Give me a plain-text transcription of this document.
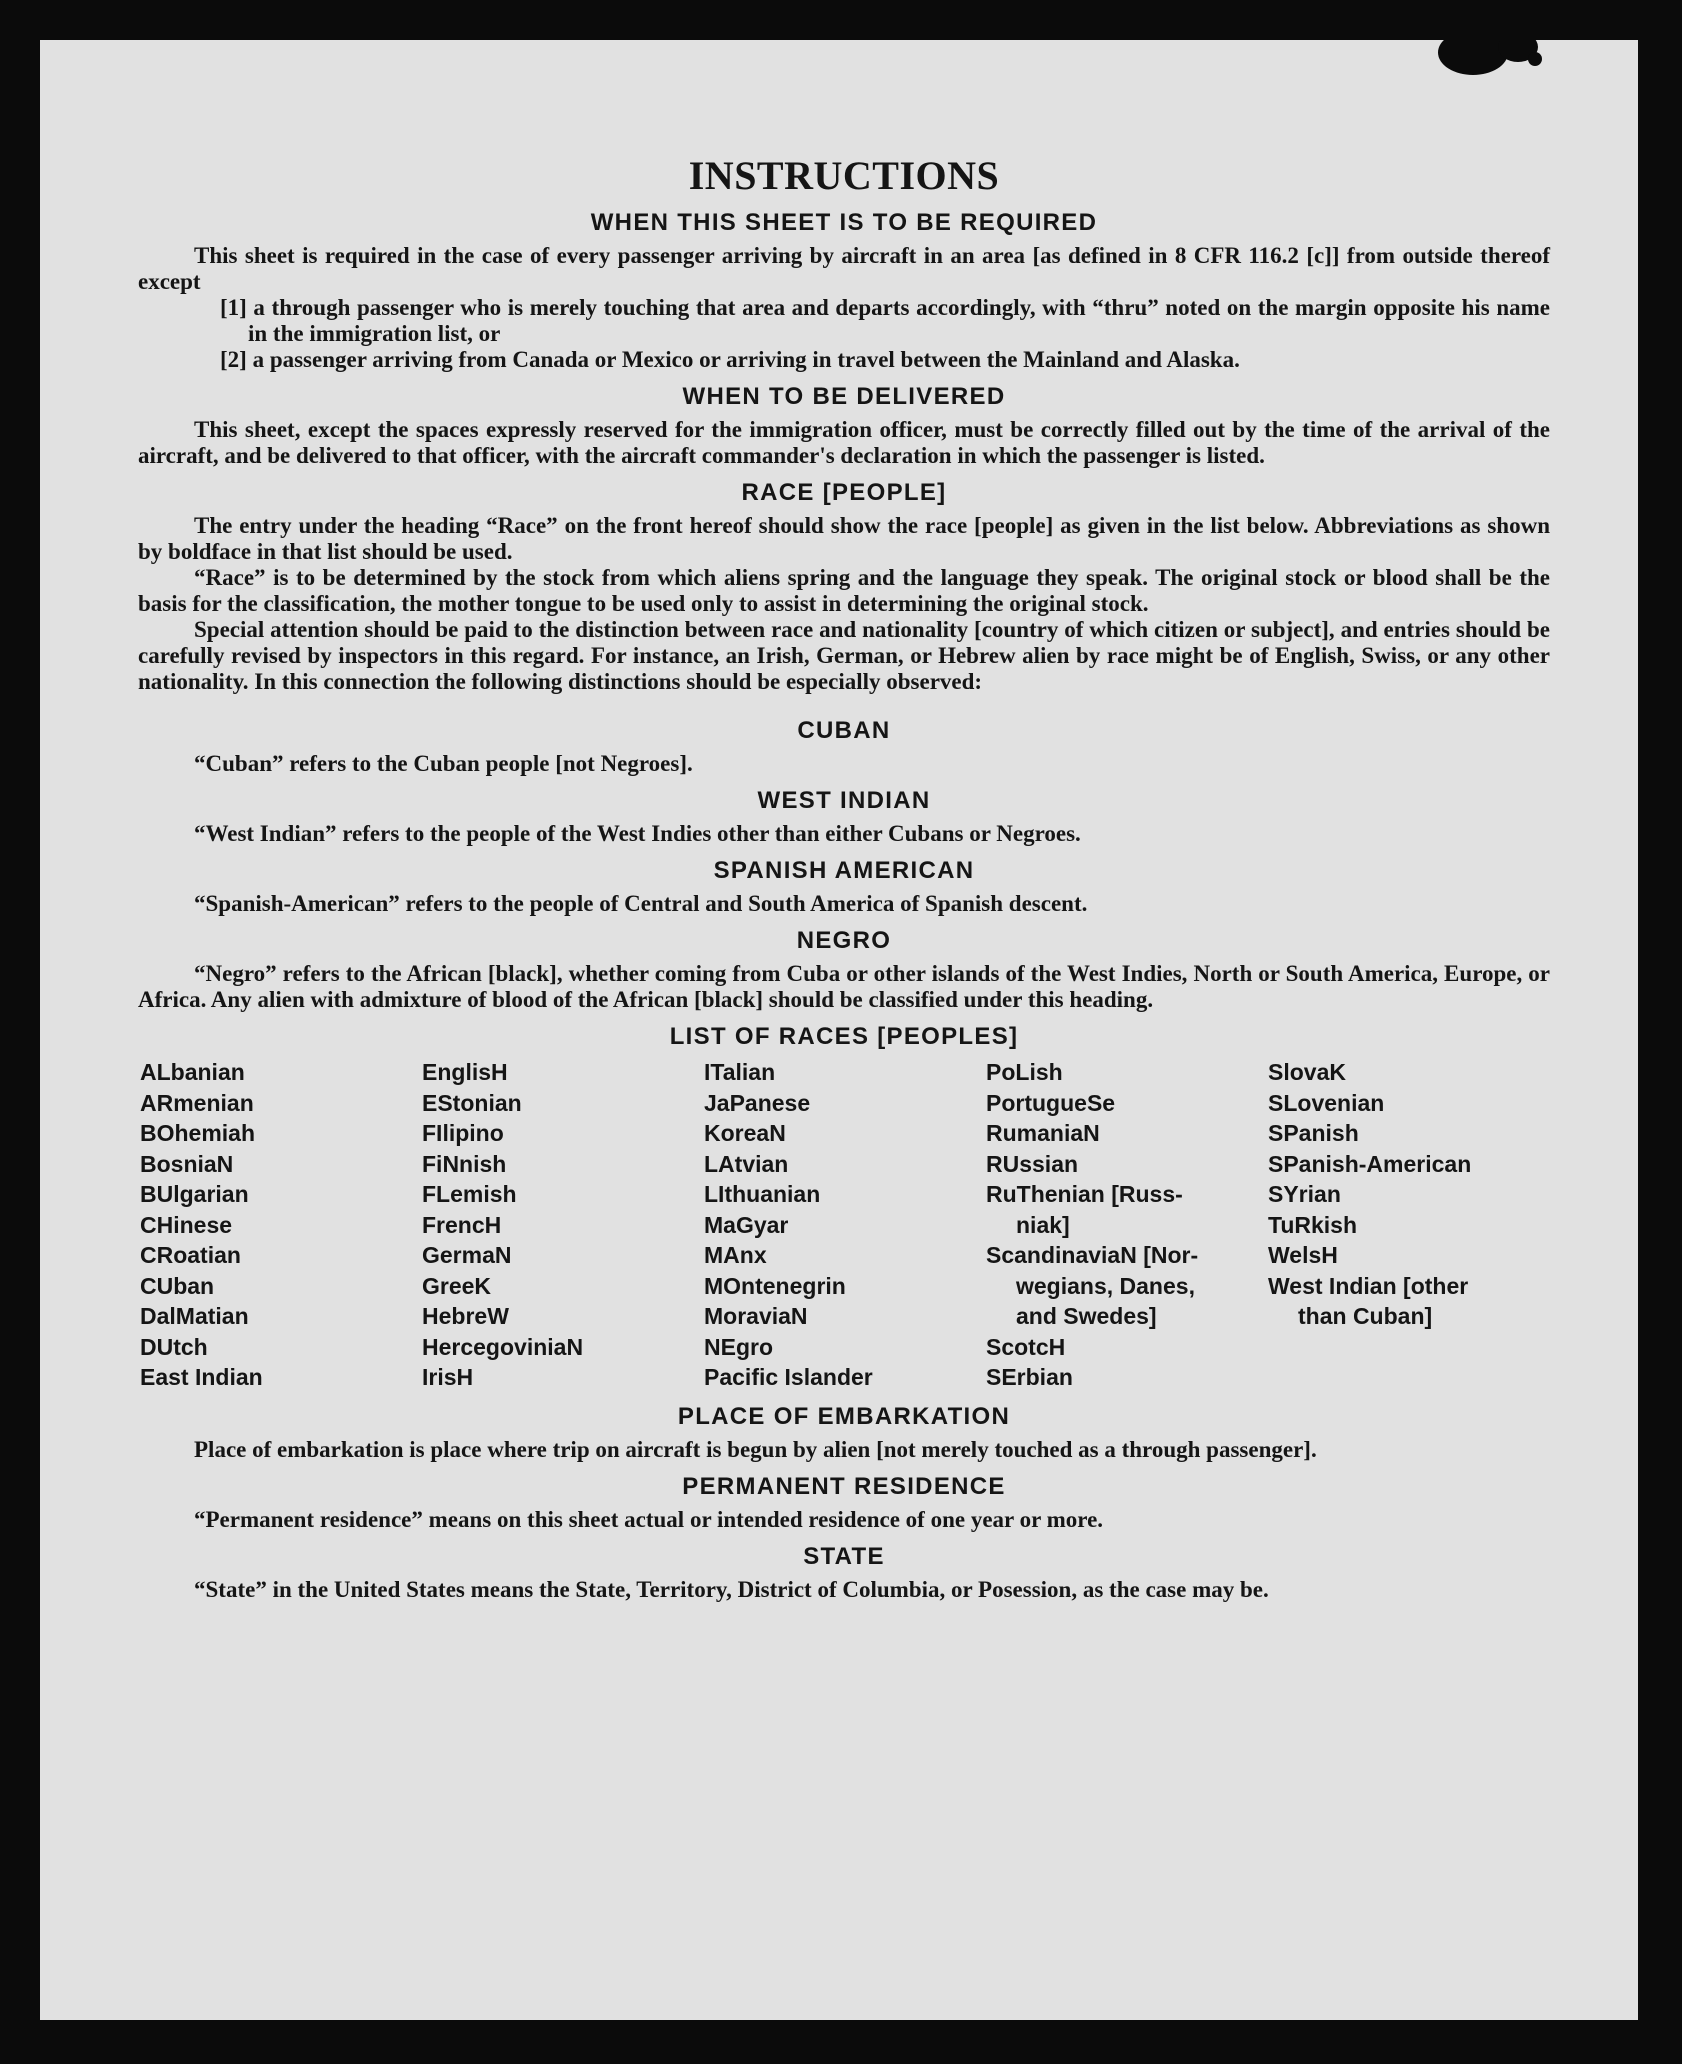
INSTRUCTIONS
WHEN THIS SHEET IS TO BE REQUIRED

This sheet is required in the case of every passenger arriving by aircraft in an area [as defined in 8 CFR 116.2 [c]] from outside thereof except

[1] a through passenger who is merely touching that area and departs accordingly, with “thru” noted on the margin opposite his name in the immigration list, or

[2] a passenger arriving from Canada or Mexico or arriving in travel between the Mainland and Alaska.

WHEN TO BE DELIVERED

This sheet, except the spaces expressly reserved for the immigration officer, must be correctly filled out by the time of the arrival of the aircraft, and be delivered to that officer, with the aircraft commander's declaration in which the passenger is listed.

RACE [PEOPLE]

The entry under the heading “Race” on the front hereof should show the race [people] as given in the list below. Abbreviations as shown by boldface in that list should be used.

“Race” is to be determined by the stock from which aliens spring and the language they speak. The original stock or blood shall be the basis for the classification, the mother tongue to be used only to assist in determining the original stock.

Special attention should be paid to the distinction between race and nationality [country of which citizen or subject], and entries should be carefully revised by inspectors in this regard. For instance, an Irish, German, or Hebrew alien by race might be of English, Swiss, or any other nationality. In this connection the following distinctions should be especially observed:

CUBAN

“Cuban” refers to the Cuban people [not Negroes].

WEST INDIAN

“West Indian” refers to the people of the West Indies other than either Cubans or Negroes.

SPANISH AMERICAN

“Spanish-American” refers to the people of Central and South America of Spanish descent.

NEGRO

“Negro” refers to the African [black], whether coming from Cuba or other islands of the West Indies, North or South America, Europe, or Africa. Any alien with admixture of blood of the African [black] should be classified under this heading.

LIST OF RACES [PEOPLES]
ALbanian
ARmenian
BOhemiah
BosniaN
BUlgarian
CHinese
CRoatian
CUban
DalMatian
DUtch
East Indian
EnglisH
EStonian
FIlipino
FiNnish
FLemish
FrencH
GermaN
GreeK
HebreW
HercegoviniaN
IrisH
ITalian
JaPanese
KoreaN
LAtvian
LIthuanian
MaGyar
MAnx
MOntenegrin
MoraviaN
NEgro
Pacific Islander
PoLish
PortugueSe
RumaniaN
RUssian
RuThenian [Russ-
niak]
ScandinaviaN [Nor-
wegians, Danes,
and Swedes]
ScotcH
SErbian
SlovaK
SLovenian
SPanish
SPanish-American
SYrian
TuRkish
WelsH
West Indian [other
than Cuban]
PLACE OF EMBARKATION

Place of embarkation is place where trip on aircraft is begun by alien [not merely touched as a through passenger].

PERMANENT RESIDENCE

“Permanent residence” means on this sheet actual or intended residence of one year or more.

STATE

“State” in the United States means the State, Territory, District of Columbia, or Posession, as the case may be.
